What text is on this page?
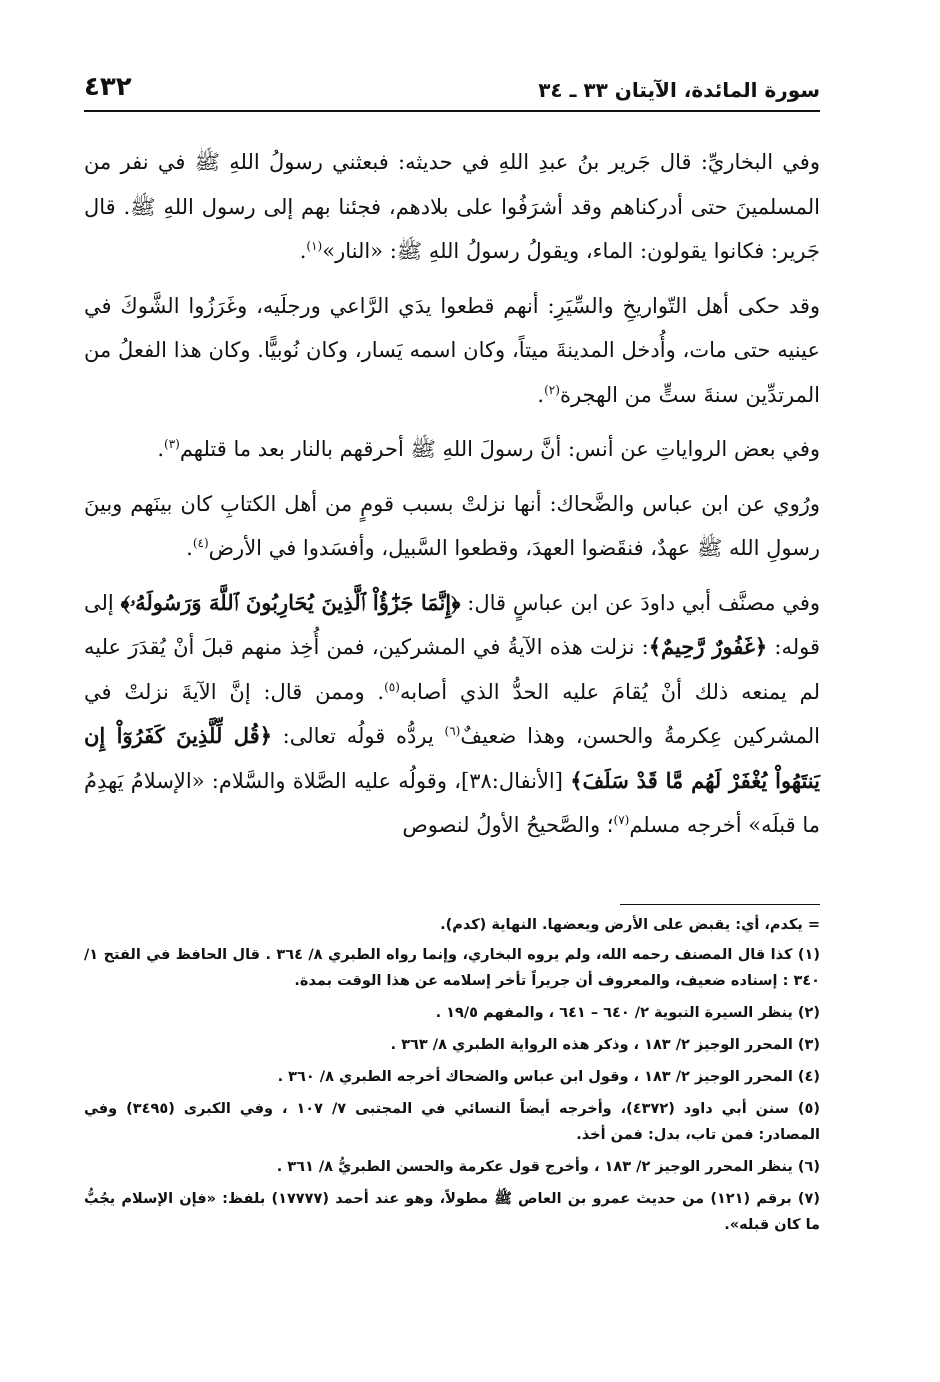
٤٣٢	سورة المائدة، الآيتان ٣٣ ـ ٣٤

وفي البخاريِّ: قال جَرير بنُ عبدِ اللهِ في حديثه: فبعثني رسولُ اللهِ ﷺ في نفر من المسلمينَ حتى أدركناهم وقد أشرَفُوا على بلادهم، فجئنا بهم إلى رسول اللهِ ﷺ. قال جَرير: فكانوا يقولون: الماء، ويقولُ رسولُ اللهِ ﷺ: «النار»$^{(١)}$.

وقد حكى أهل التّواريخِ والسِّيَرِ: أنهم قطعوا يدَي الرَّاعي ورجلَيه، وغَرَزُوا الشَّوكَ في عينيه حتى مات، وأُدخل المدينةَ ميتاً، وكان اسمه يَسار، وكان نُوبيًّا. وكان هذا الفعلُ من المرتدِّين سنةَ ستٍّ من الهجرة$^{(٢)}$.

وفي بعض الرواياتِ عن أنس: أنَّ رسولَ اللهِ ﷺ أحرقهم بالنار بعد ما قتلهم$^{(٣)}$.

ورُوي عن ابن عباس والضَّحاك: أنها نزلتْ بسبب قومٍ من أهل الكتابِ كان بينَهم وبينَ رسولِ الله ﷺ عهدٌ، فنقَضوا العهدَ، وقطعوا السَّبيل، وأفسَدوا في الأرض$^{(٤)}$.

وفي مصنَّف أبي داودَ عن ابن عباسٍ قال: ﴿إِنَّمَا جَزَٰٓؤُاْ ٱلَّذِينَ يُحَارِبُونَ ٱللَّهَ وَرَسُولَهُۥ﴾ إلى قوله: ﴿غَفُورٌ رَّحِيمٌ﴾: نزلت هذه الآيةُ في المشركين، فمن أُخِذ منهم قبلَ أنْ يُقدَرَ عليه لم يمنعه ذلك أنْ يُقامَ عليه الحدُّ الذي أصابه$^{(٥)}$. وممن قال: إنَّ الآيةَ نزلتْ في المشركين عِكرمةُ والحسن، وهذا ضعيفٌ$^{(٦)}$ يردُّه قولُه تعالى: ﴿قُل لِّلَّذِينَ كَفَرُوٓاْ إِن يَنتَهُواْ يُغْفَرْ لَهُم مَّا قَدْ سَلَفَ﴾ [الأنفال:٣٨]، وقولُه عليه الصَّلاة والسَّلام: «الإسلامُ يَهدِمُ ما قبلَه» أخرجه مسلم$^{(٧)}$؛ والصَّحيحُ الأولُ لنصوص

= يكدم، أي: يقبض على الأرض ويعضها. النهاية (كدم).
(١) كذا قال المصنف رحمه الله، ولم يروه البخاري، وإنما رواه الطبري ٨/ ٣٦٤ . قال الحافظ في الفتح ١/ ٣٤٠ : إسناده ضعيف، والمعروف أن جريراً تأخر إسلامه عن هذا الوقت بمدة.
(٢) ينظر السيرة النبوية ٢/ ٦٤٠ – ٦٤١ ، والمفهم ١٩/٥ .
(٣) المحرر الوجيز ٢/ ١٨٣ ، وذكر هذه الرواية الطبري ٨/ ٣٦٣ .
(٤) المحرر الوجيز ٢/ ١٨٣ ، وقول ابن عباس والضحاك أخرجه الطبري ٨/ ٣٦٠ .
(٥) سنن أبي داود (٤٣٧٢)، وأخرجه أيضاً النسائي في المجتبى ٧/ ١٠٧ ، وفي الكبرى (٣٤٩٥) وفي المصادر: فمن تاب، بدل: فمن أخذ.
(٦) ينظر المحرر الوجيز ٢/ ١٨٣ ، وأخرج قول عكرمة والحسن الطبريُّ ٨/ ٣٦١ .
(٧) برقم (١٢١) من حديث عمرو بن العاص ﷺ مطولاً، وهو عند أحمد (١٧٧٧٧) بلفظ: «فإن الإسلام يجُبُّ ما كان قبله».
